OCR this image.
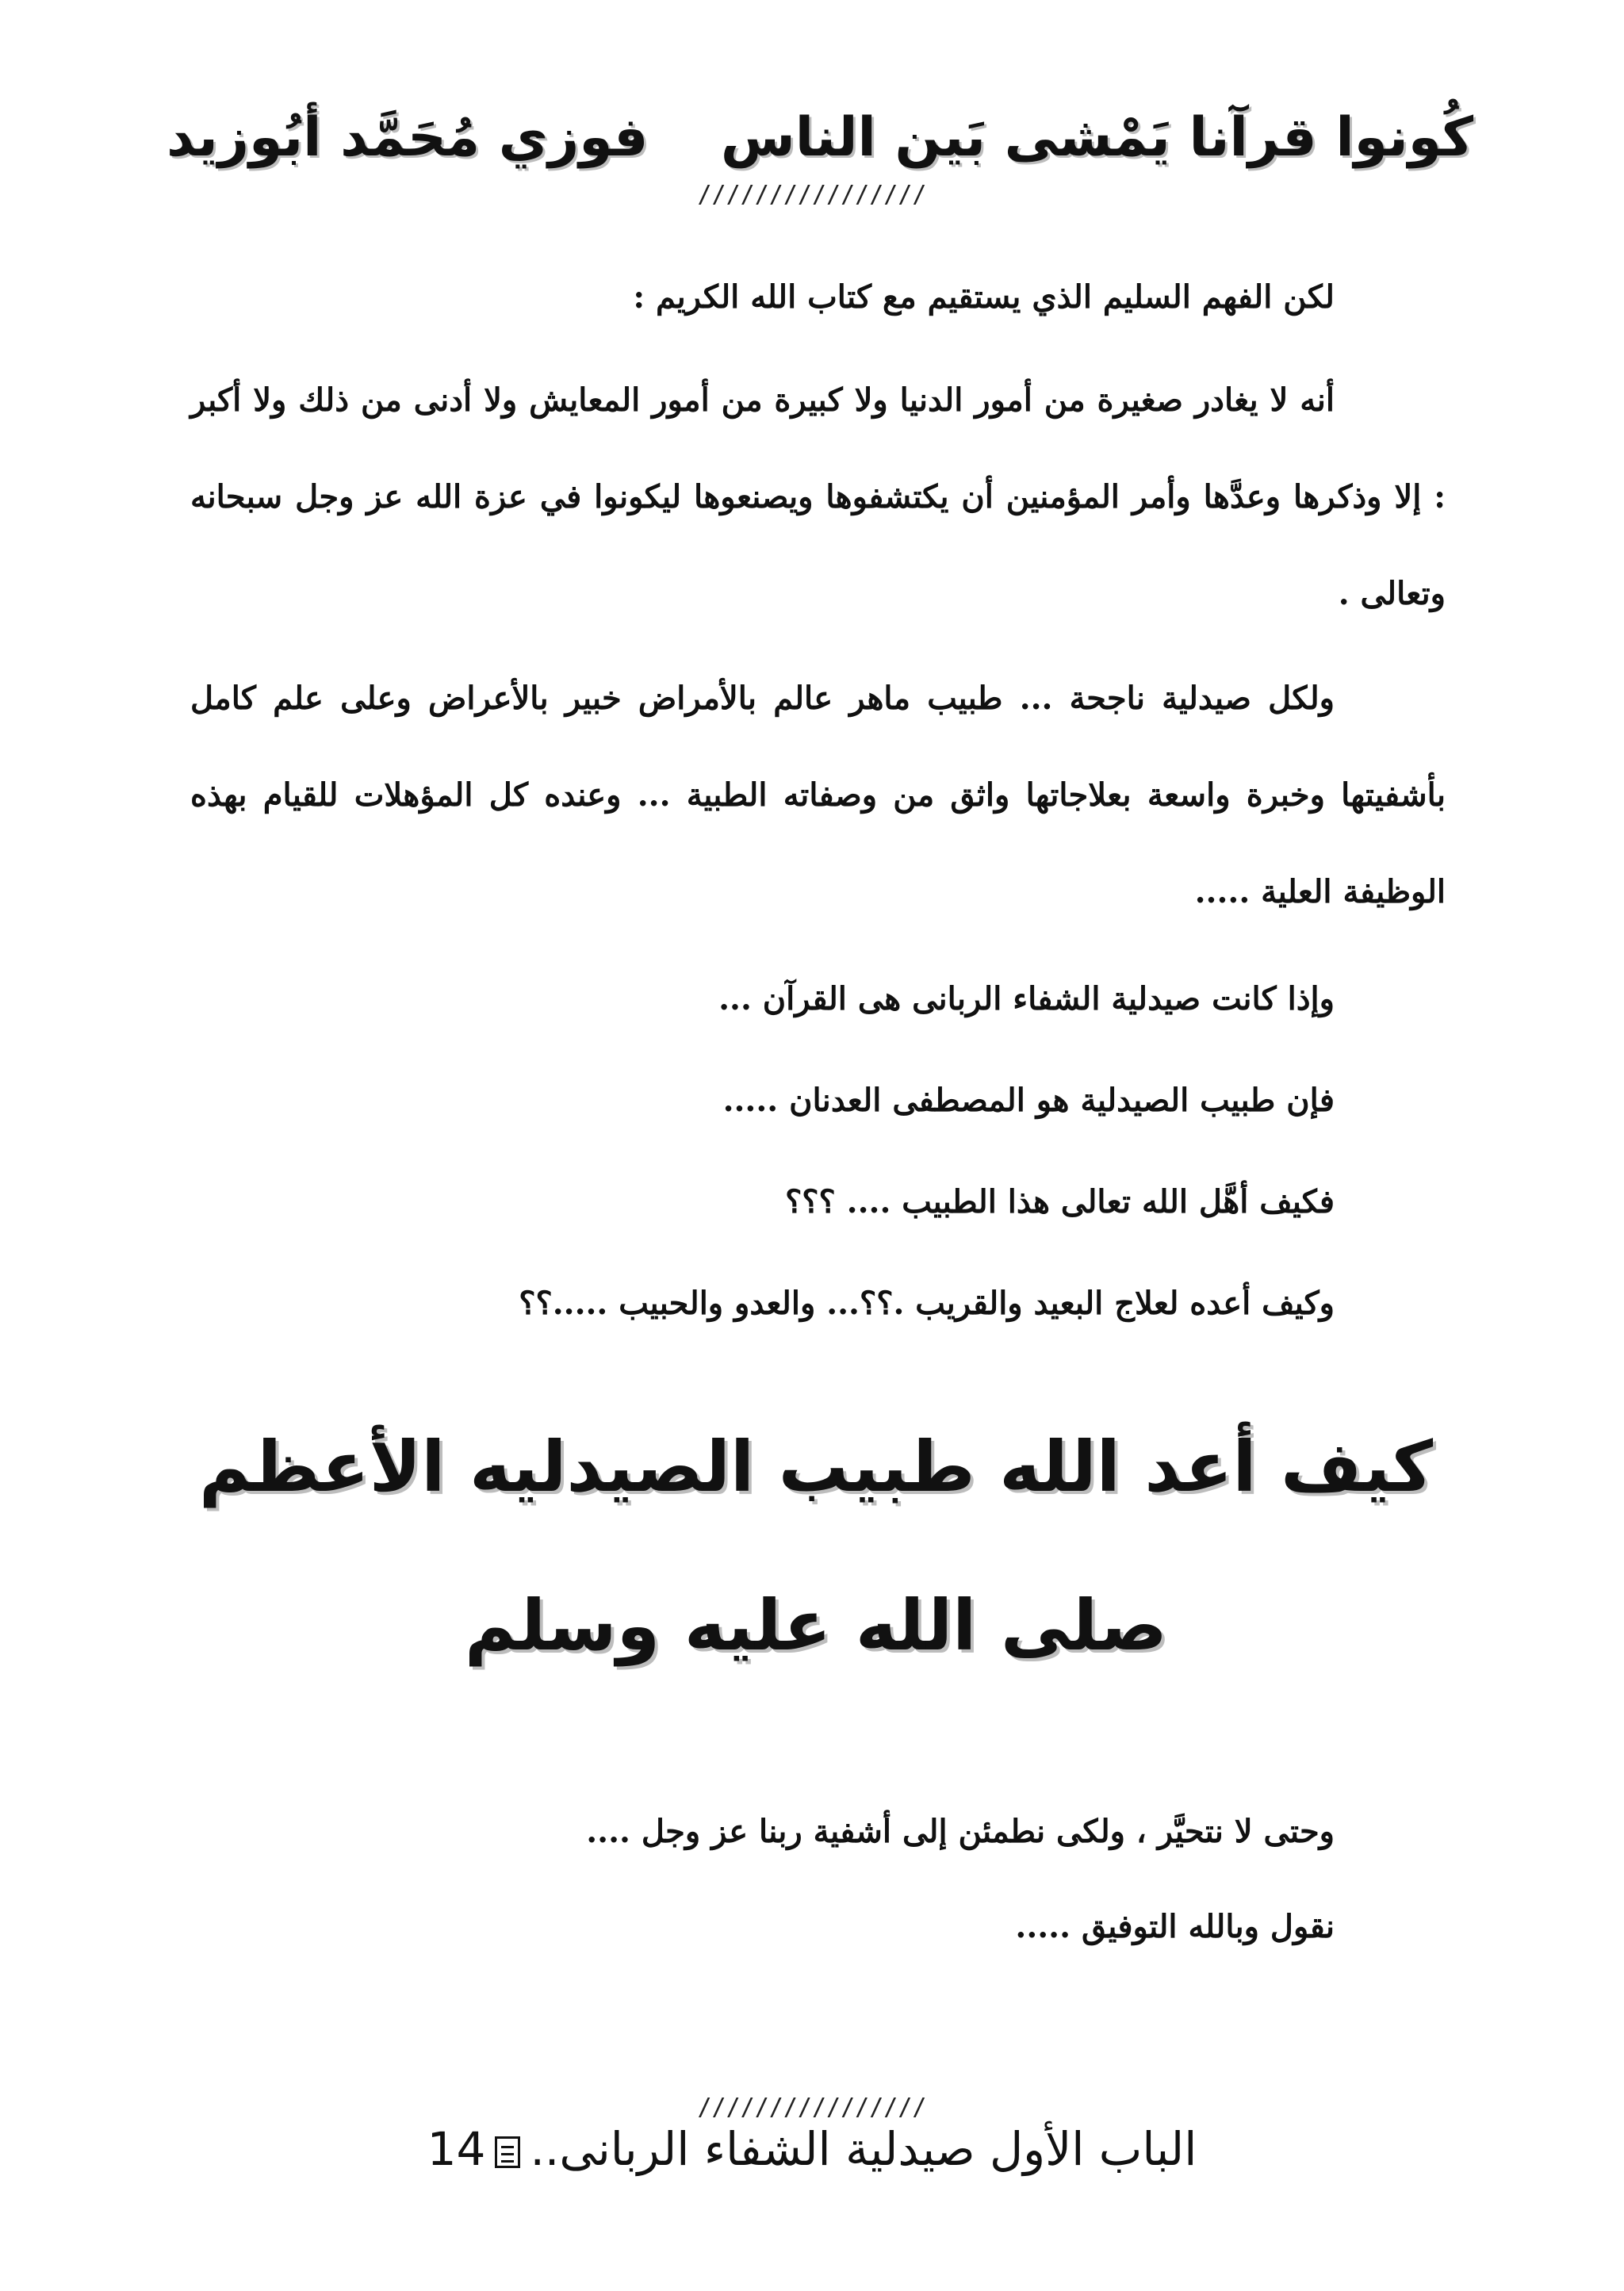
كُونوا قرآنا يَمْشى بَين الناس
فوزي مُحَمَّد أبُوزيد
////////////////

لكن الفهم السليم الذي يستقيم مع كتاب الله الكريم :

أنه لا يغادر صغيرة من أمور الدنيا ولا كبيرة من أمور المعايش ولا أدنى من ذلك ولا أكبر : إلا وذكرها وعدَّها وأمر المؤمنين أن يكتشفوها ويصنعوها ليكونوا في عزة الله عز وجل سبحانه وتعالى .

ولكل صيدلية ناجحة ... طبيب ماهر عالم بالأمراض خبير بالأعراض وعلى علم كامل بأشفيتها وخبرة واسعة بعلاجاتها واثق من وصفاته الطبية ... وعنده كل المؤهلات للقيام بهذه الوظيفة العلية .....

وإذا كانت صيدلية الشفاء الربانى هى القرآن ...

فإن طبيب الصيدلية هو المصطفى العدنان .....

فكيف أهَّل الله تعالى هذا الطبيب .... ؟؟؟

وكيف أعده لعلاج البعيد والقريب .؟؟... والعدو والحبيب .....؟؟

كيف أعد الله طبيب الصيدليه الأعظم صلى الله عليه وسلم

وحتى لا نتحيَّر ، ولكى نطمئن إلى أشفية ربنا عز وجل ....

نقول وبالله التوفيق .....

////////////////
الباب الأول صيدلية الشفاء الربانى..14
